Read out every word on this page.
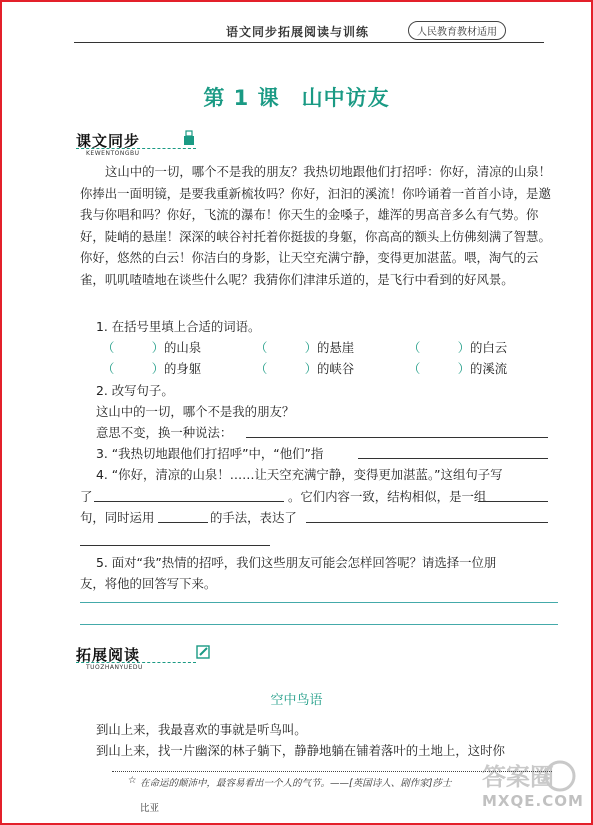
语文同步拓展阅读与训练	人民教育教材适用
第 1 课　山中访友
课文同步
KEWENTONGBU
这山中的一切，哪个不是我的朋友？我热切地跟他们打招呼：你好，清凉的山泉！你捧出一面明镜，是要我重新梳妆吗？你好，汩汩的溪流！你吟诵着一首首小诗，是邀我与你唱和吗？你好，飞流的瀑布！你天生的金嗓子，雄浑的男高音多么有气势。你好，陡峭的悬崖！深深的峡谷衬托着你挺拔的身躯，你高高的额头上仿佛刻满了智慧。你好，悠然的白云！你洁白的身影，让天空充满宁静，变得更加湛蓝。喂，淘气的云雀，叽叽喳喳地在谈些什么呢？我猜你们津津乐道的，是飞行中看到的好风景。
1. 在括号里填上合适的词语。
（　　　	）的山泉	（　　　	）的悬崖	（　　　	）的白云
（　　　	）的身躯	（　　　	）的峡谷	（　　　	）的溪流
2. 改写句子。
这山中的一切，哪个不是我的朋友？
意思不变，换一种说法：
3. “我热切地跟他们打招呼”中，“他们”指
4. “你好，清凉的山泉！……让天空充满宁静，变得更加湛蓝。”这组句子写
了	。它们内容一致，结构相似，是一组
句，同时运用	的手法，表达了
5. 面对“我”热情的招呼，我们这些朋友可能会怎样回答呢？请选择一位朋
友，将他的回答写下来。
拓展阅读
TUOZHANYUEDU
空中鸟语
到山上来，我最喜欢的事就是听鸟叫。
到山上来，找一片幽深的林子躺下，静静地躺在铺着落叶的土地上，这时你
☆ 在命运的颠沛中，最容易看出一个人的气节。——[英国诗人、剧作家]莎士
比亚
答案圈
MXQE.COM
